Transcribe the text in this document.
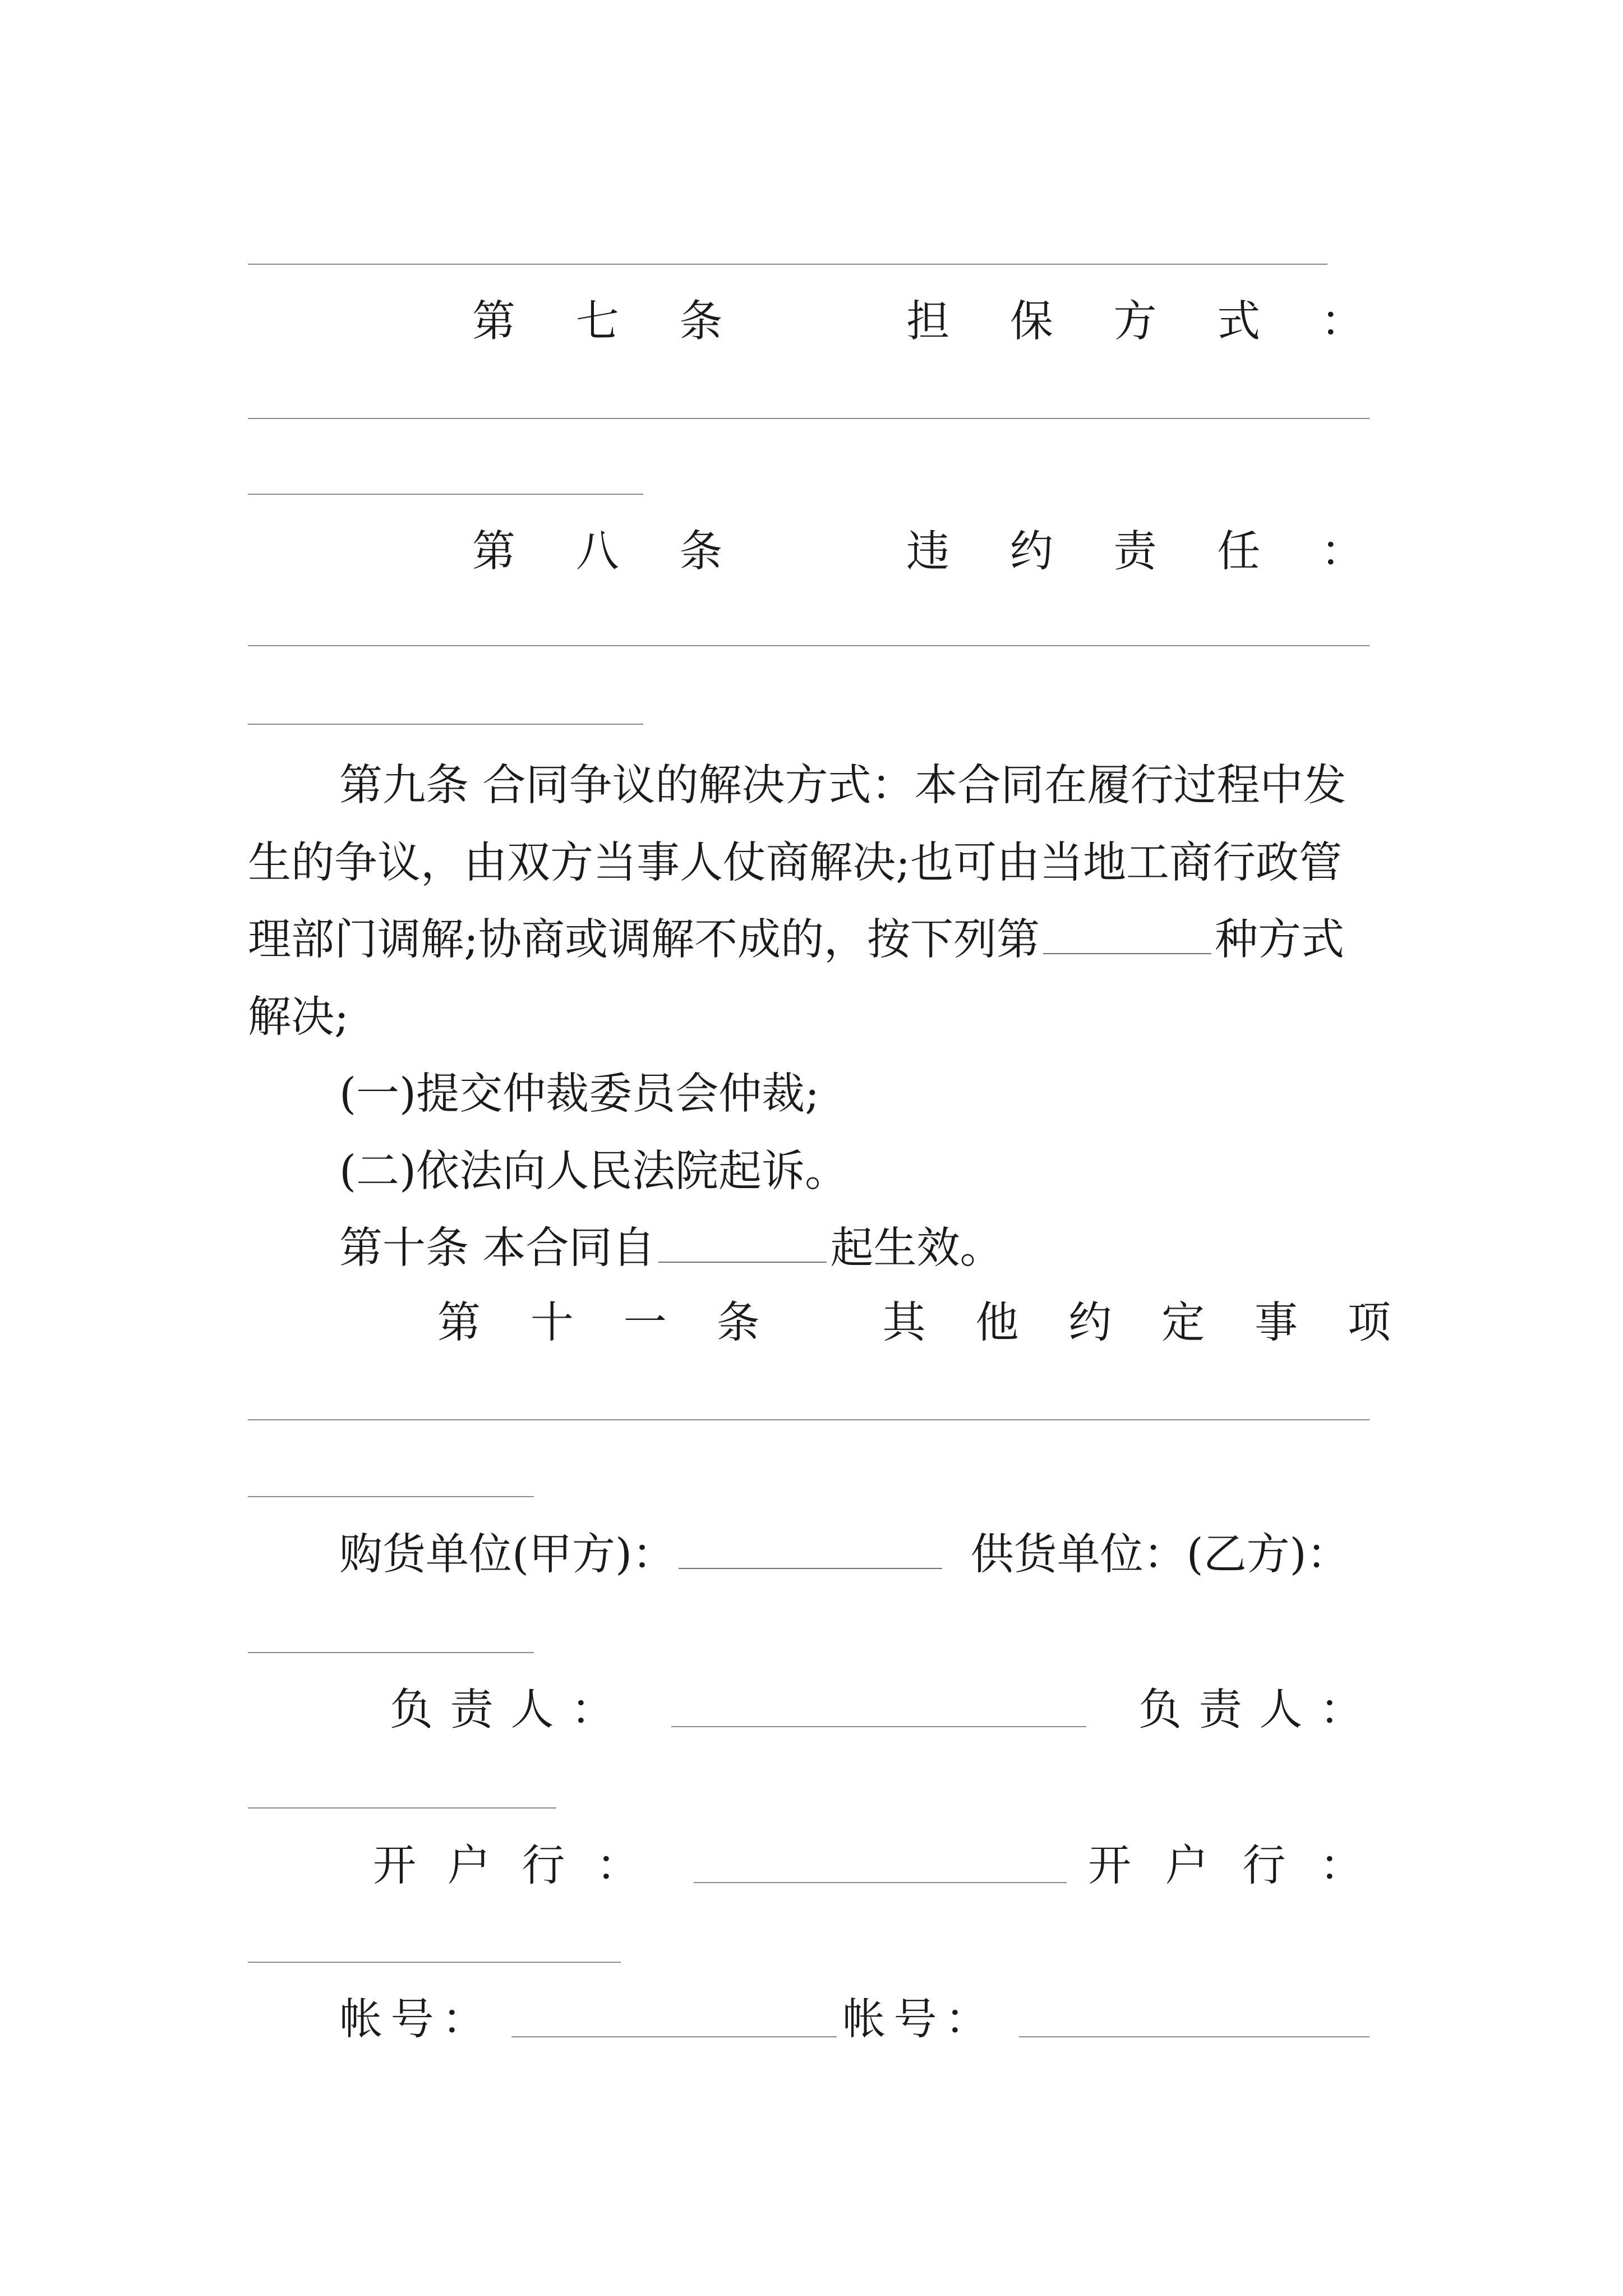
第 七 条	担 保 方 式 ：
第 八 条	违 约 责 任 ：
第九条 合同争议的解决方式：本合同在履行过程中发
生的争议，由双方当事人仗商解决;也可由当地工商行政管
理部门调解;协商或调解不成的，按下列第	种方式
解决;
(一)提交仲裁委员会仲裁;
(二)依法向人民法院起诉。
第十条 本合同自	起生效。
第 十 一 条	其 他 约 定 事 项
购货单位(甲方)：	供货单位：(乙方)：
负 责 人 ：	负 责 人 ：
开 户 行 ：	开 户 行 ：
帐 号 ：	帐 号 ：
